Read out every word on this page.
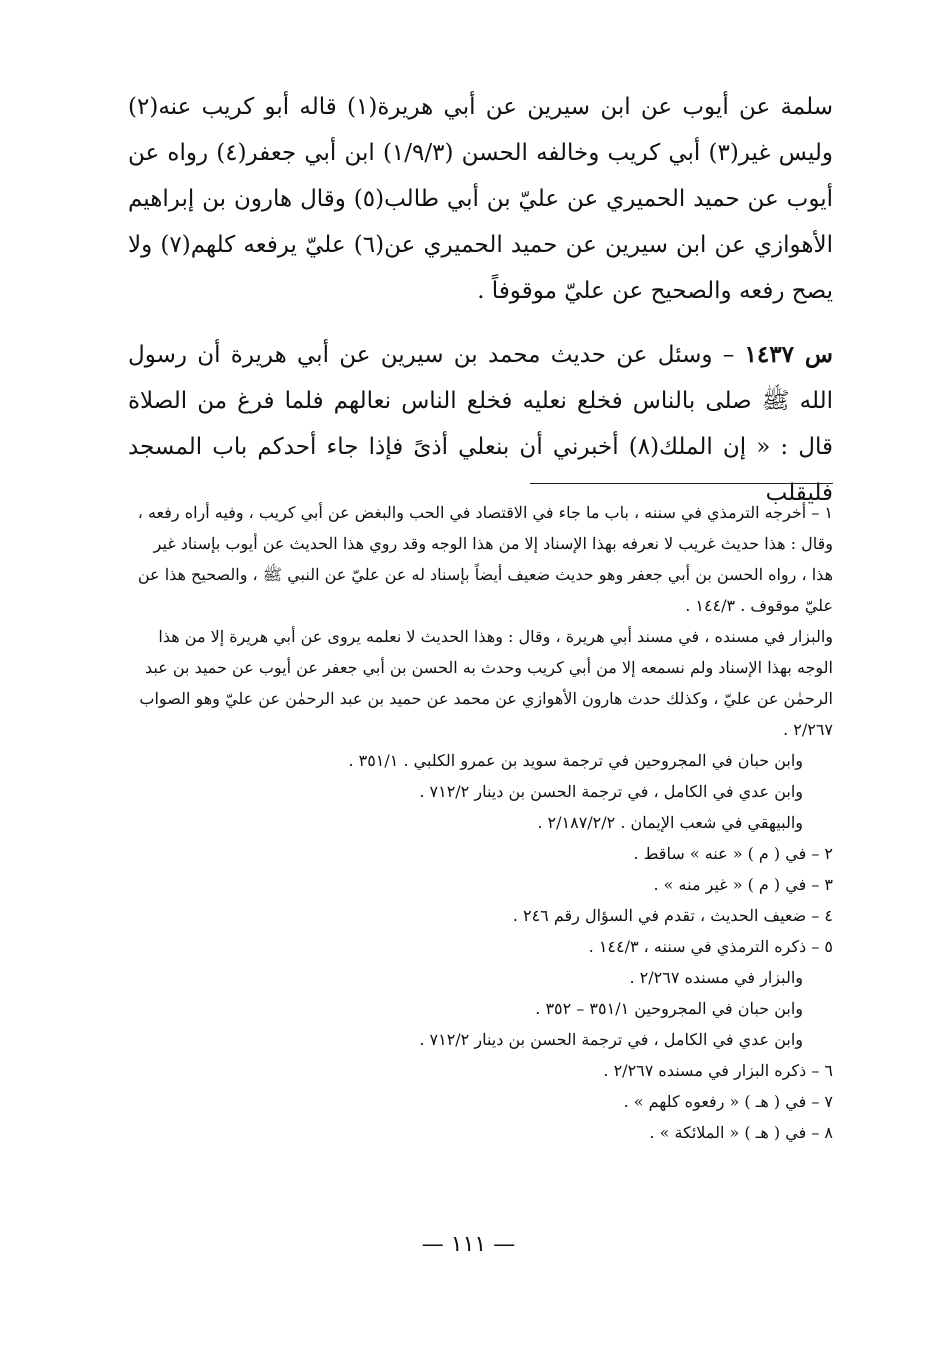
سلمة عن أيوب عن ابن سيرين عن أبي هريرة(١) قاله أبو كريب عنه(٢) وليس غير(٣) أبي كريب وخالفه الحسن (١/٩/٣) ابن أبي جعفر(٤) رواه عن أيوب عن حميد الحميري عن عليّ بن أبي طالب(٥) وقال هارون بن إبراهيم الأهوازي عن ابن سيرين عن حميد الحميري عن(٦) عليّ يرفعه كلهم(٧) ولا يصح رفعه والصحيح عن عليّ موقوفاً .

س ١٤٣٧ – وسئل عن حديث محمد بن سيرين عن أبي هريرة أن رسول الله ﷺ صلى بالناس فخلع نعليه فخلع الناس نعالهم فلما فرغ من الصلاة قال : « إن الملك(٨) أخبرني أن بنعلي أذىً فإذا جاء أحدكم باب المسجد فليقلب

١ – أخرجه الترمذي في سننه ، باب ما جاء في الاقتصاد في الحب والبغض عن أبي كريب ، وفيه أراه رفعه ، وقال : هذا حديث غريب لا نعرفه بهذا الإسناد إلا من هذا الوجه وقد روي هذا الحديث عن أيوب بإسناد غير هذا ، رواه الحسن بن أبي جعفر وهو حديث ضعيف أيضاً بإسناد له عن عليّ عن النبي ﷺ ، والصحيح هذا عن عليّ موقوف . ١٤٤/٣ .

والبزار في مسنده ، في مسند أبي هريرة ، وقال : وهذا الحديث لا نعلمه يروى عن أبي هريرة إلا من هذا الوجه بهذا الإسناد ولم نسمعه إلا من أبي كريب وحدث به الحسن بن أبي جعفر عن أيوب عن حميد بن عبد الرحمٰن عن عليّ ، وكذلك حدث هارون الأهوازي عن محمد عن حميد بن عبد الرحمٰن عن عليّ وهو الصواب ٢/٢٦٧ .

وابن حبان في المجروحين في ترجمة سويد بن عمرو الكلبي . ٣٥١/١ .

وابن عدي في الكامل ، في ترجمة الحسن بن دينار ٧١٢/٢ .

والبيهقي في شعب الإيمان . ٢/١٨٧/٢/٢ .

٢ – في ( م ) « عنه » ساقط .

٣ – في ( م ) « غير منه » .

٤ – ضعيف الحديث ، تقدم في السؤال رقم ٢٤٦ .

٥ – ذكره الترمذي في سننه ، ١٤٤/٣ .

والبزار في مسنده ٢/٢٦٧ .

وابن حبان في المجروحين ٣٥١/١ – ٣٥٢ .

وابن عدي في الكامل ، في ترجمة الحسن بن دينار ٧١٢/٢ .

٦ – ذكره البزار في مسنده ٢/٢٦٧ .

٧ – في ( هـ ) « رفعوه كلهم » .

٨ – في ( هـ ) « الملائكة » .

— ١١١ —
